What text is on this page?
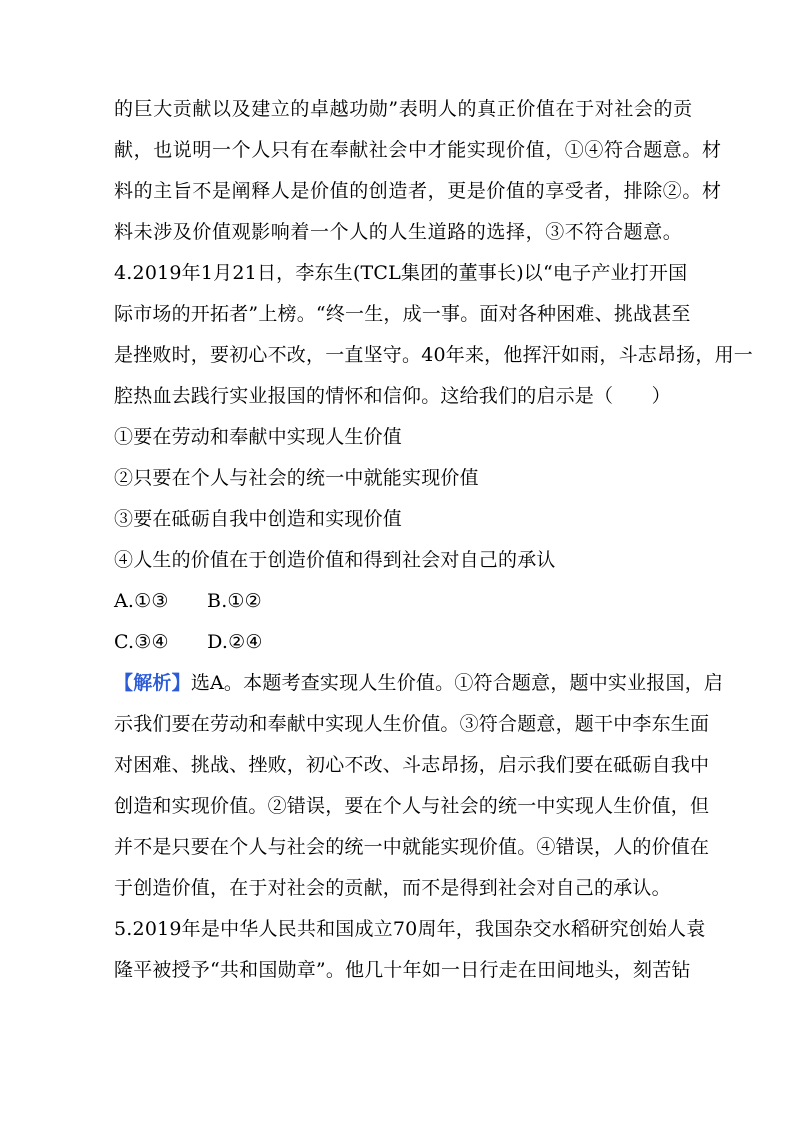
的巨大贡献以及建立的卓越功勋”表明人的真正价值在于对社会的贡
献，也说明一个人只有在奉献社会中才能实现价值，①④符合题意。材
料的主旨不是阐释人是价值的创造者，更是价值的享受者，排除②。材
料未涉及价值观影响着一个人的人生道路的选择，③不符合题意。
4.2019年1月21日，李东生(TCL集团的董事长)以“电子产业打开国
际市场的开拓者”上榜。“终一生，成一事。面对各种困难、挑战甚至
是挫败时，要初心不改，一直坚守。40年来，他挥汗如雨，斗志昂扬，用一
腔热血去践行实业报国的情怀和信仰。这给我们的启示是（　　）
①要在劳动和奉献中实现人生价值
②只要在个人与社会的统一中就能实现价值
③要在砥砺自我中创造和实现价值
④人生的价值在于创造价值和得到社会对自己的承认
A.①③　　B.①②
C.③④　　D.②④
【解析】选A。本题考查实现人生价值。①符合题意，题中实业报国，启
示我们要在劳动和奉献中实现人生价值。③符合题意，题干中李东生面
对困难、挑战、挫败，初心不改、斗志昂扬，启示我们要在砥砺自我中
创造和实现价值。②错误，要在个人与社会的统一中实现人生价值，但
并不是只要在个人与社会的统一中就能实现价值。④错误，人的价值在
于创造价值，在于对社会的贡献，而不是得到社会对自己的承认。
5.2019年是中华人民共和国成立70周年，我国杂交水稻研究创始人袁
隆平被授予“共和国勋章”。他几十年如一日行走在田间地头，刻苦钻
